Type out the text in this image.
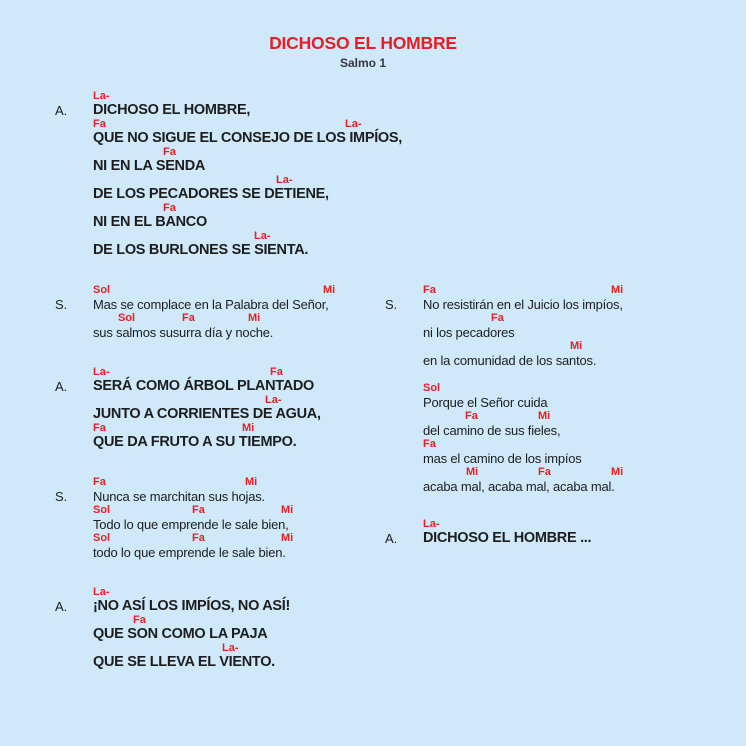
DICHOSO EL HOMBRE
Salmo 1
A.
La-
DICHOSO EL HOMBRE,
Fa	La-
QUE NO SIGUE EL CONSEJO DE LOS IMPÍOS,
Fa
NI EN LA SENDA
La-
DE LOS PECADORES SE DETIENE,
Fa
NI EN EL BANCO
La-
DE LOS BURLONES SE SIENTA.
S.
Sol	Mi
Mas se complace en la Palabra del Señor,
Sol	Fa	Mi
sus salmos susurra día y noche.
A.
La-	Fa
SERÁ COMO ÁRBOL PLANTADO
La-
JUNTO A CORRIENTES DE AGUA,
Fa	Mi
QUE DA FRUTO A SU TIEMPO.
S.
Fa	Mi
Nunca se marchitan sus hojas.
Sol	Fa	Mi
Todo lo que emprende le sale bien,
Sol	Fa	Mi
todo lo que emprende le sale bien.
A.
La-
¡NO ASÍ LOS IMPÍOS, NO ASÍ!
Fa
QUE SON COMO LA PAJA
La-
QUE SE LLEVA EL VIENTO.
S.
Fa	Mi
No resistirán en el Juicio los impíos,
Fa
ni los pecadores
Mi
en la comunidad de los santos.
Sol
Porque el Señor cuida
Fa	Mi
del camino de sus fieles,
Fa
mas el camino de los impíos
Mi	Fa	Mi
acaba mal, acaba mal, acaba mal.
A.
La-
DICHOSO EL HOMBRE ...
